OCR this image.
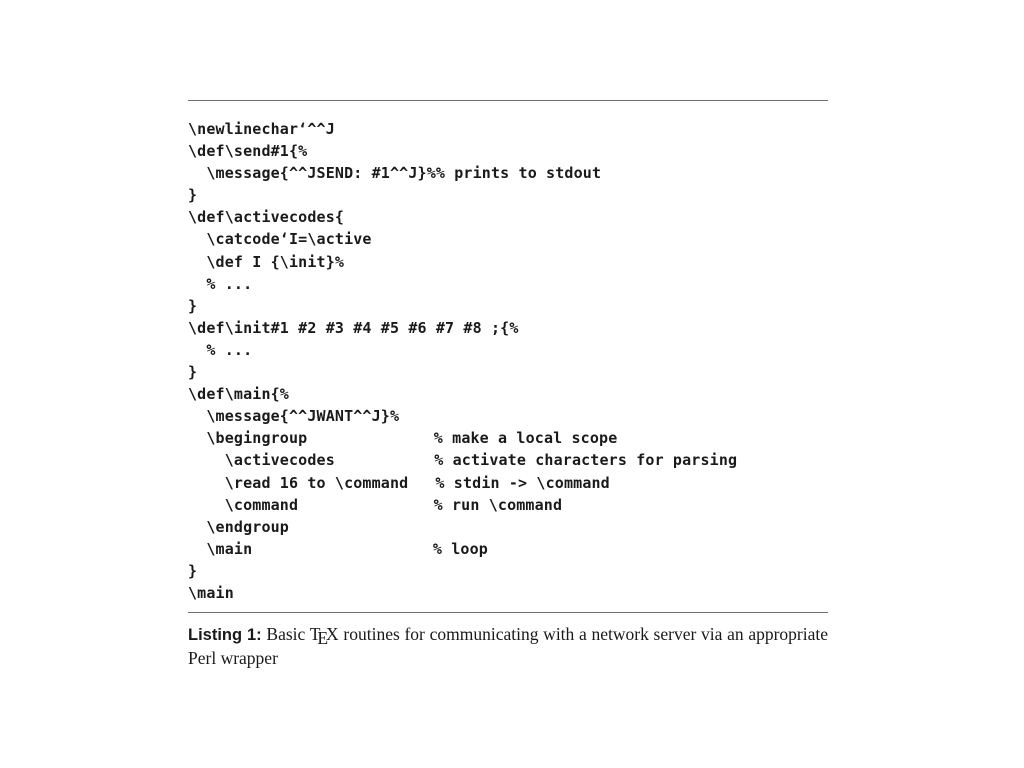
\newlinechar‘^^J
\def\send#1{%
\message{^^JSEND: #1^^J}%% prints to stdout
}
\def\activecodes{
\catcode‘I=\active
\def I {\init}%
% ...
}
\def\init#1 #2 #3 #4 #5 #6 #7 #8 ;{%
% ...
}
\def\main{%
\message{^^JWANT^^J}%
\begingroup	% make a local scope
\activecodes	% activate characters for parsing
\read 16 to \command % stdin -> \command
\command	% run \command
\endgroup
\main	% loop
}
\main
Listing 1: Basic TEX routines for communicating with a network server via an appropriate Perl wrapper
